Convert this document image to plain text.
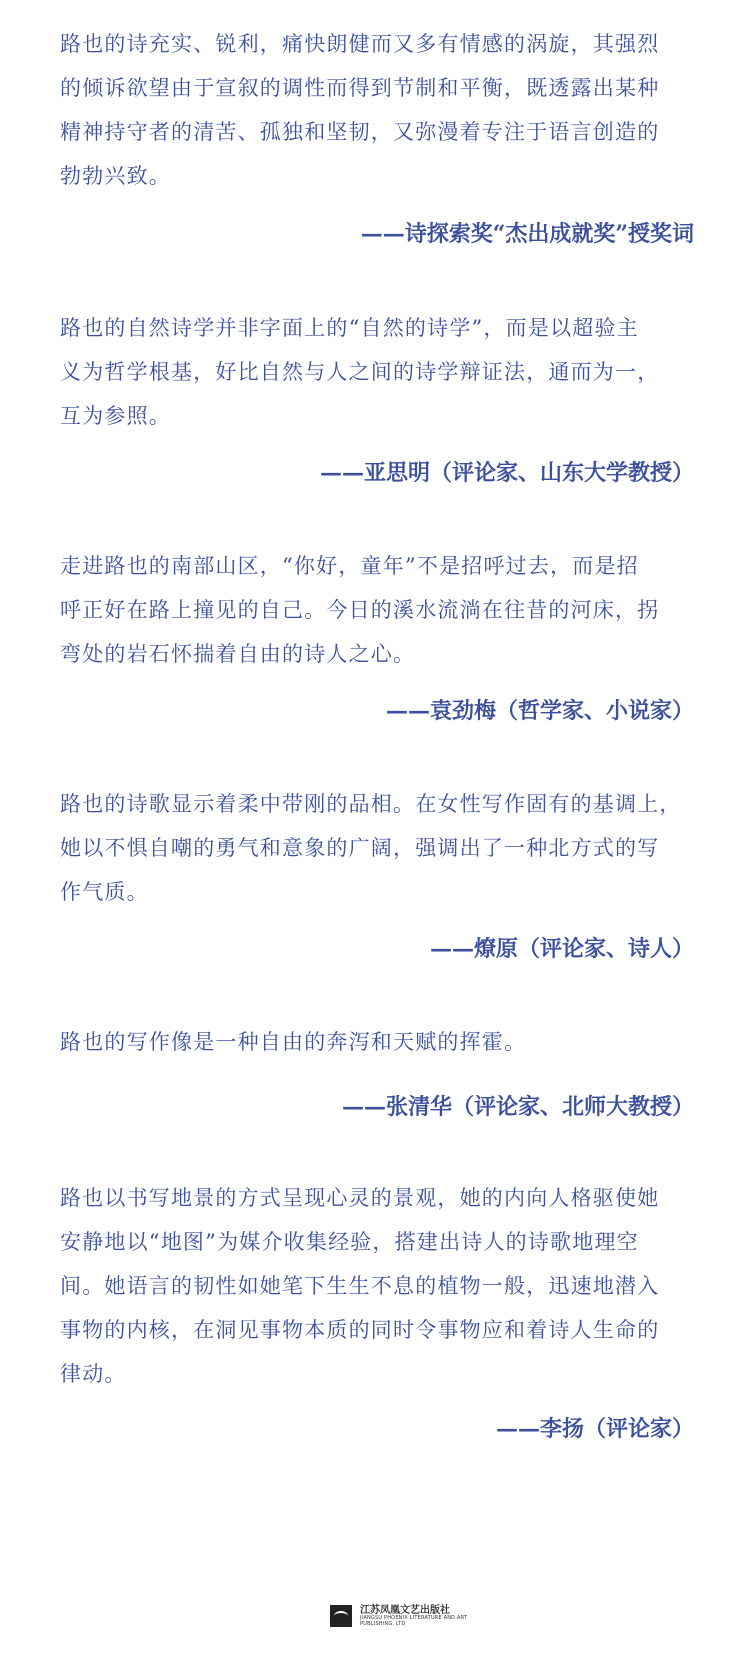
路也的诗充实、锐利，痛快朗健而又多有情感的涡旋，其强烈
的倾诉欲望由于宣叙的调性而得到节制和平衡，既透露出某种
精神持守者的清苦、孤独和坚韧，又弥漫着专注于语言创造的
勃勃兴致。
——诗探索奖“杰出成就奖”授奖词
路也的自然诗学并非字面上的“自然的诗学”，而是以超验主
义为哲学根基，好比自然与人之间的诗学辩证法，通而为一，
互为参照。
——亚思明（评论家、山东大学教授）
走进路也的南部山区，“你好，童年”不是招呼过去，而是招
呼正好在路上撞见的自己。今日的溪水流淌在往昔的河床，拐
弯处的岩石怀揣着自由的诗人之心。
——袁劲梅（哲学家、小说家）
路也的诗歌显示着柔中带刚的品相。在女性写作固有的基调上，
她以不惧自嘲的勇气和意象的广阔，强调出了一种北方式的写
作气质。
——燎原（评论家、诗人）
路也的写作像是一种自由的奔泻和天赋的挥霍。
——张清华（评论家、北师大教授）
路也以书写地景的方式呈现心灵的景观，她的内向人格驱使她
安静地以“地图”为媒介收集经验，搭建出诗人的诗歌地理空
间。她语言的韧性如她笔下生生不息的植物一般，迅速地潜入
事物的内核，在洞见事物本质的同时令事物应和着诗人生命的
律动。
——李扬（评论家）
江苏凤凰文艺出版社
JIANGSU PHOENIX LITERATURE AND ART PUBLISHING, LTD
